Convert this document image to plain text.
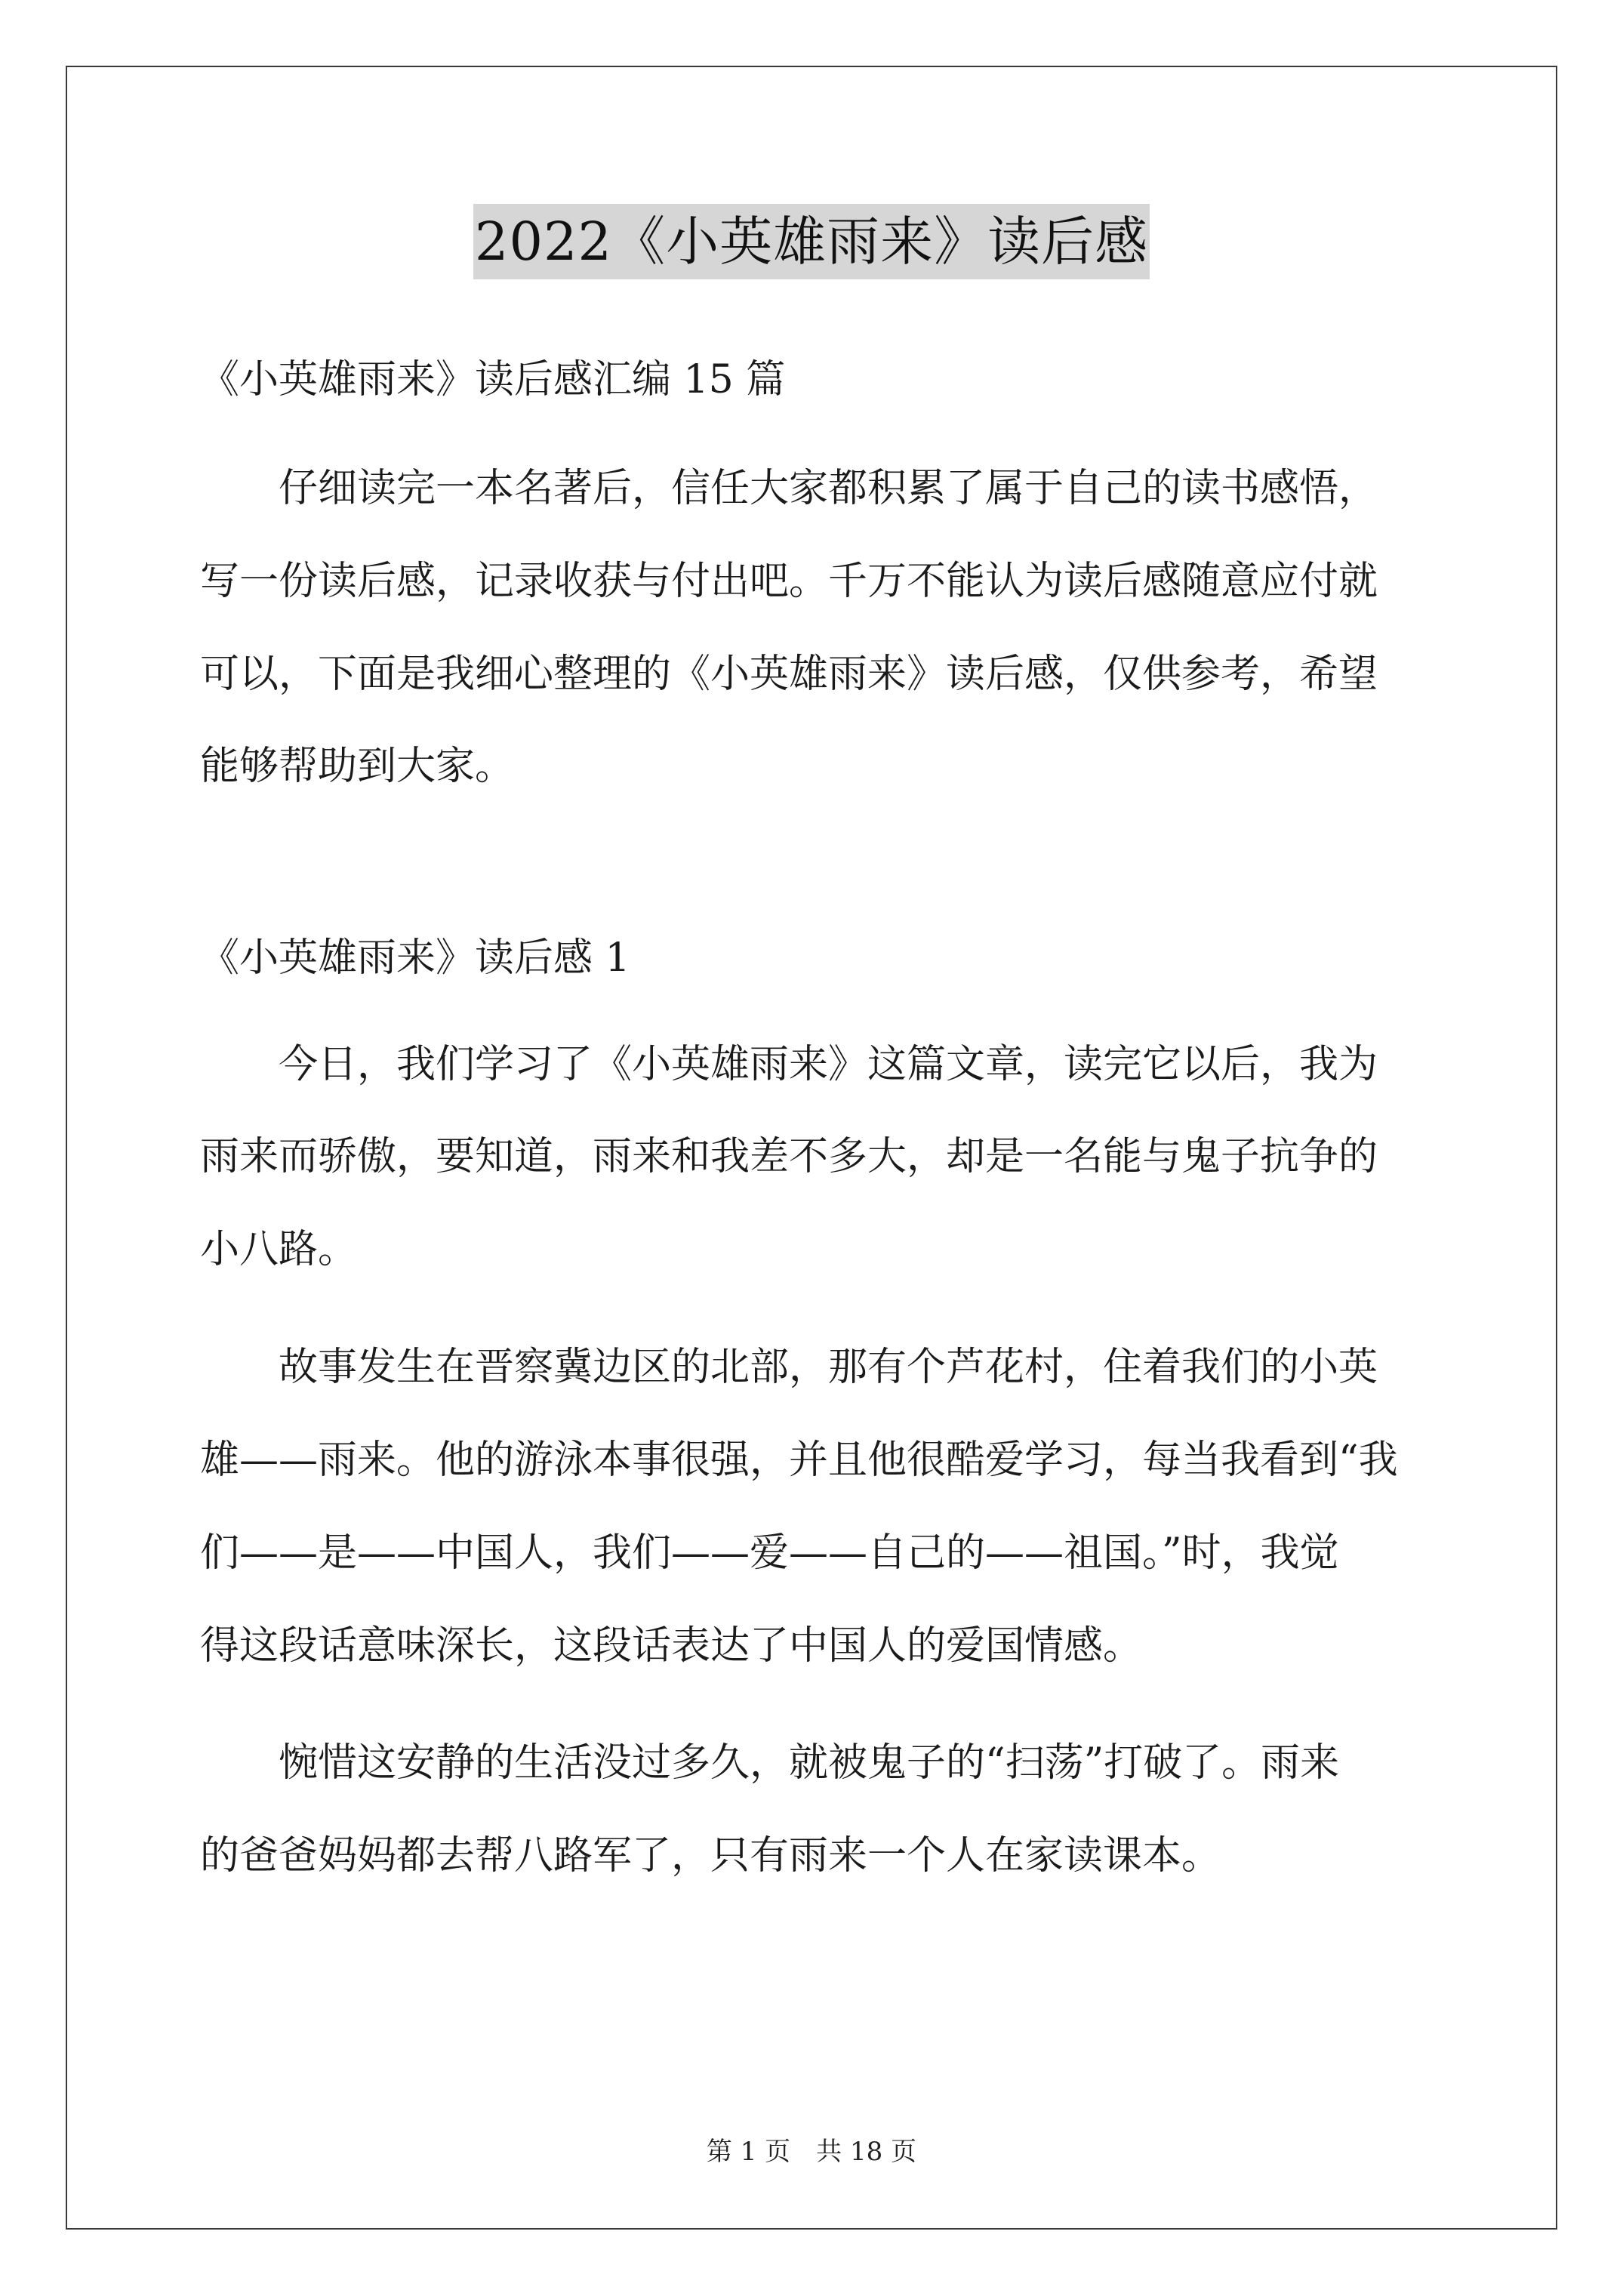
2022《小英雄雨来》读后感
《小英雄雨来》读后感汇编 15 篇
　　仔细读完一本名著后，信任大家都积累了属于自己的读书感悟，
写一份读后感，记录收获与付出吧。千万不能认为读后感随意应付就
可以，下面是我细心整理的《小英雄雨来》读后感，仅供参考，希望
能够帮助到大家。
《小英雄雨来》读后感 1
　　今日，我们学习了《小英雄雨来》这篇文章，读完它以后，我为
雨来而骄傲，要知道，雨来和我差不多大，却是一名能与鬼子抗争的
小八路。
　　故事发生在晋察冀边区的北部，那有个芦花村，住着我们的小英
雄——雨来。他的游泳本事很强，并且他很酷爱学习，每当我看到“我
们——是——中国人，我们——爱——自己的——祖国。”时，我觉
得这段话意味深长，这段话表达了中国人的爱国情感。
　　惋惜这安静的生活没过多久，就被鬼子的“扫荡”打破了。雨来
的爸爸妈妈都去帮八路军了，只有雨来一个人在家读课本。
第 1 页　共 18 页
